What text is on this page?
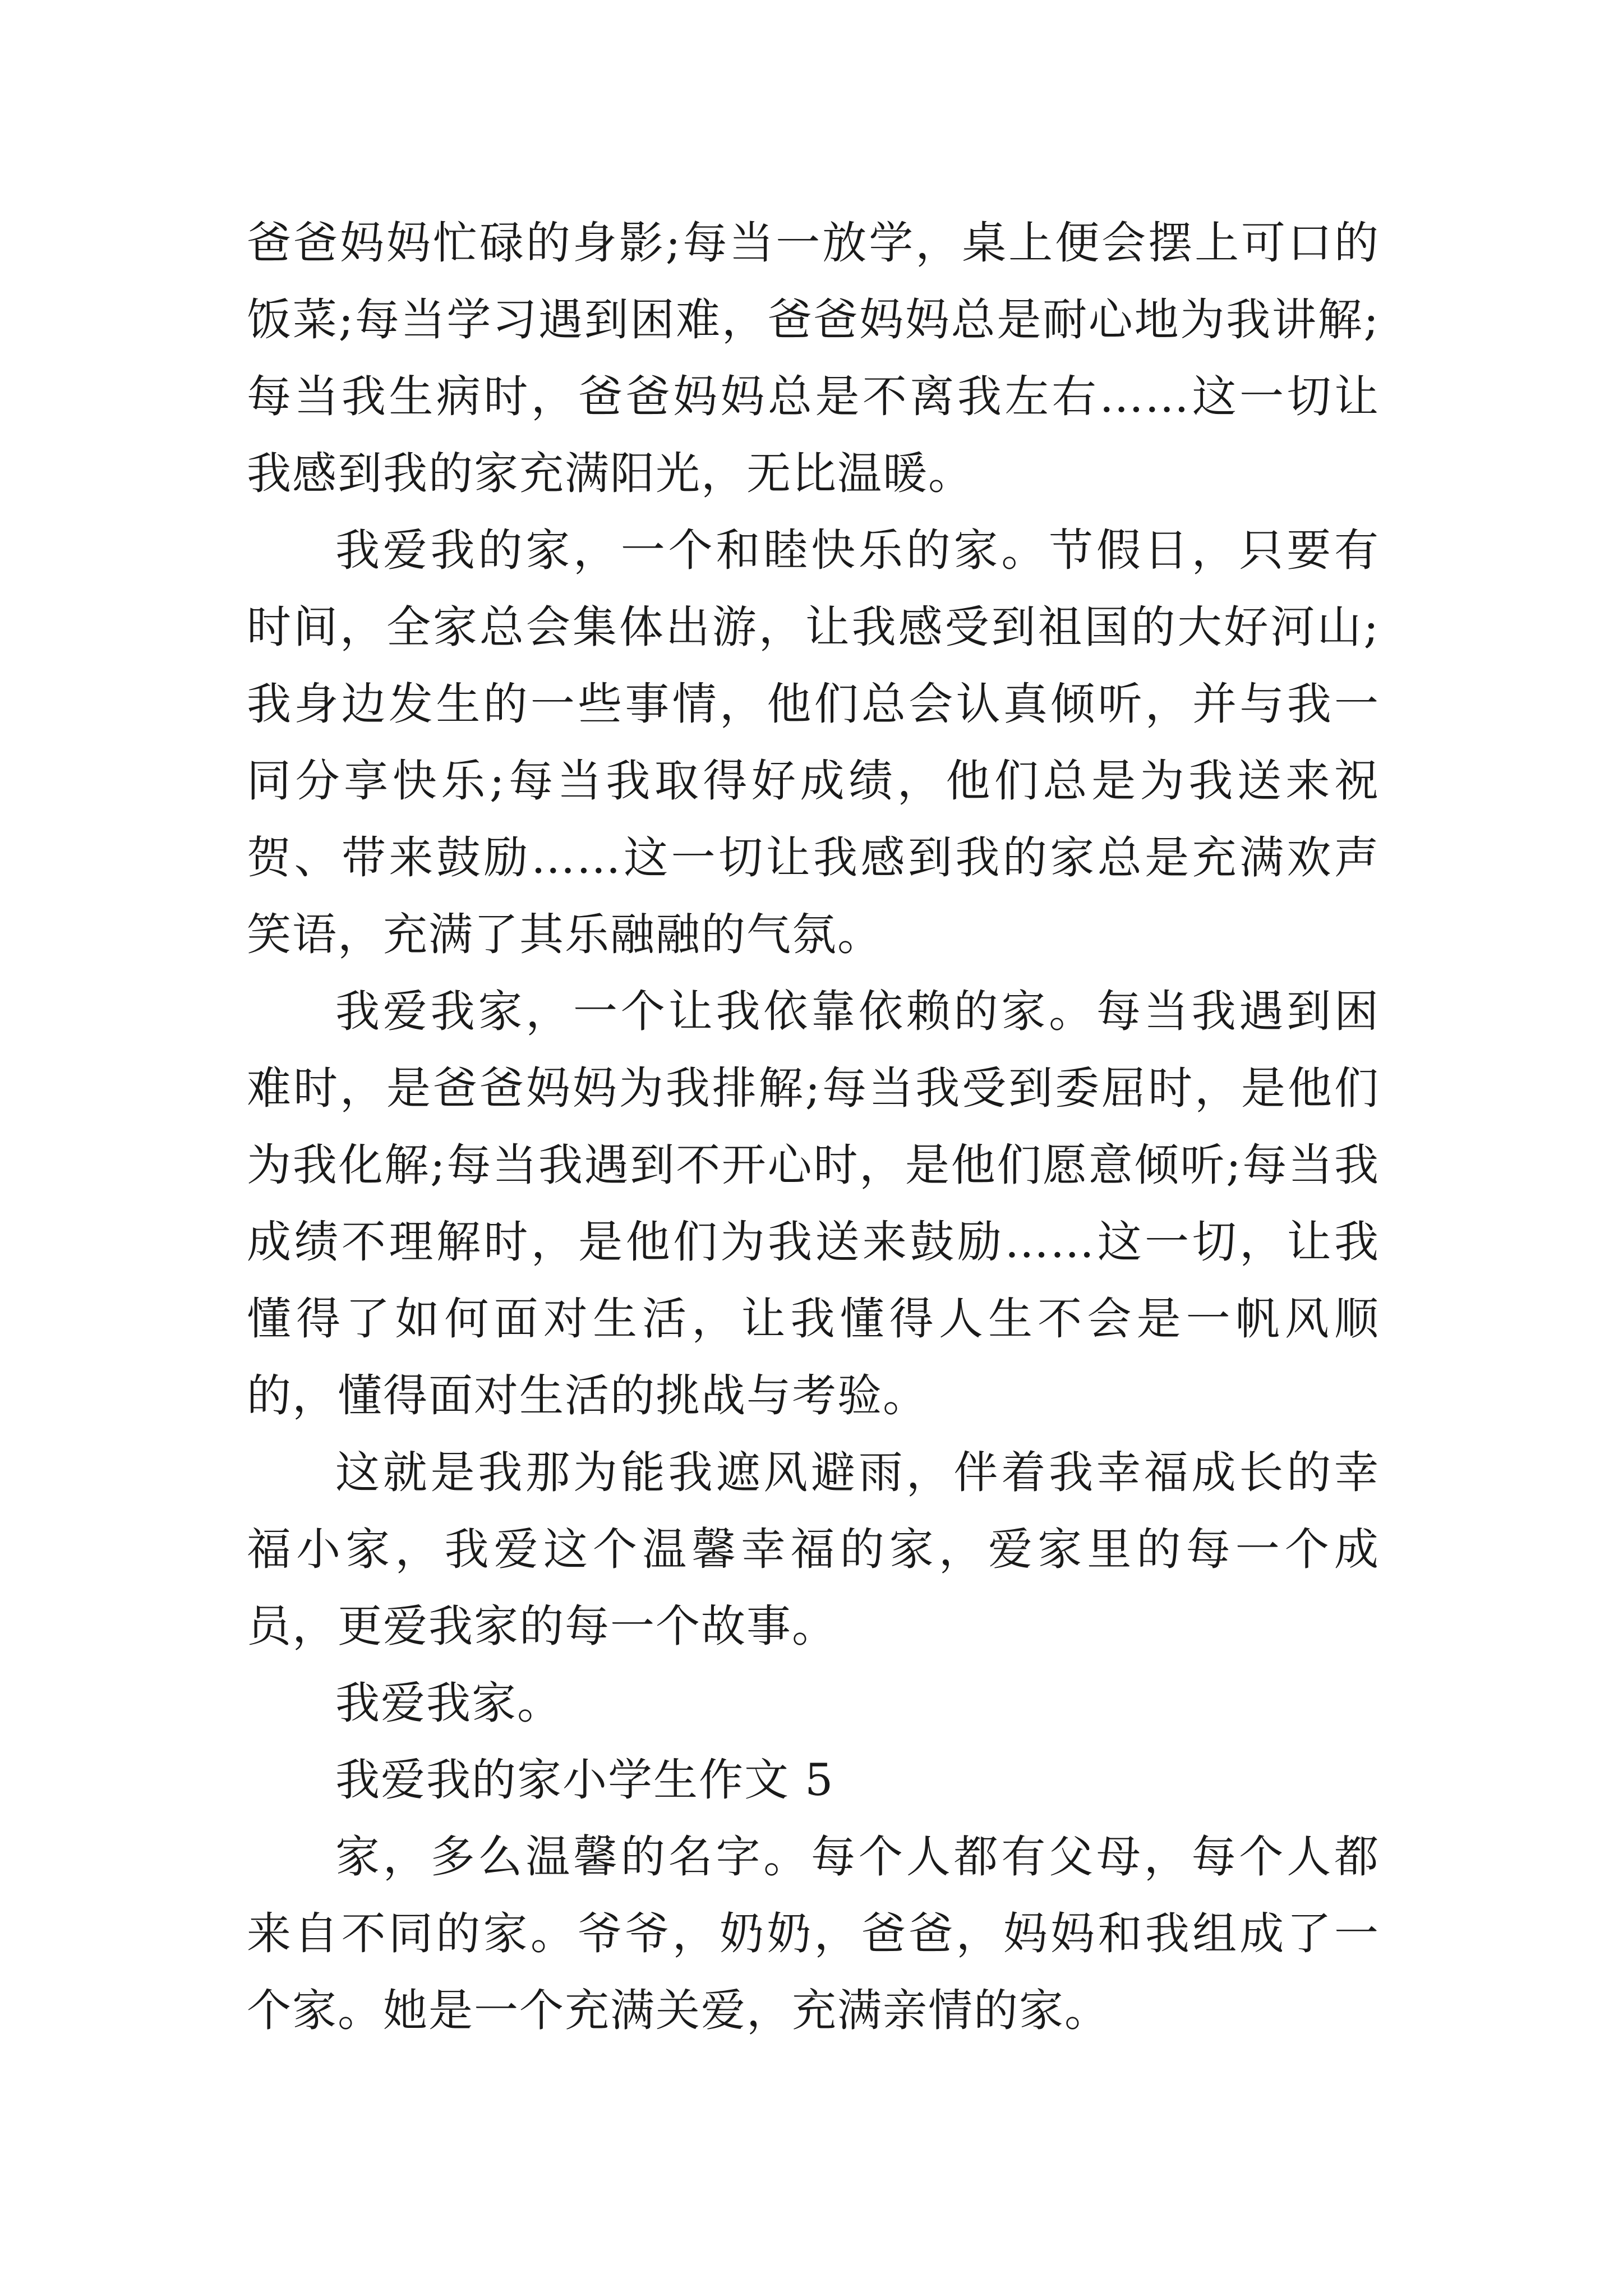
爸爸妈妈忙碌的身影;每当一放学，桌上便会摆上可口的饭菜;每当学习遇到困难，爸爸妈妈总是耐心地为我讲解;每当我生病时，爸爸妈妈总是不离我左右……这一切让我感到我的家充满阳光，无比温暖。

我爱我的家，一个和睦快乐的家。节假日，只要有时间，全家总会集体出游，让我感受到祖国的大好河山;我身边发生的一些事情，他们总会认真倾听，并与我一同分享快乐;每当我取得好成绩，他们总是为我送来祝贺、带来鼓励……这一切让我感到我的家总是充满欢声笑语，充满了其乐融融的气氛。

我爱我家，一个让我依靠依赖的家。每当我遇到困难时，是爸爸妈妈为我排解;每当我受到委屈时，是他们为我化解;每当我遇到不开心时，是他们愿意倾听;每当我成绩不理解时，是他们为我送来鼓励……这一切，让我懂得了如何面对生活，让我懂得人生不会是一帆风顺的，懂得面对生活的挑战与考验。

这就是我那为能我遮风避雨，伴着我幸福成长的幸福小家，我爱这个温馨幸福的家，爱家里的每一个成员，更爱我家的每一个故事。

我爱我家。

我爱我的家小学生作文 5

家，多么温馨的名字。每个人都有父母，每个人都来自不同的家。爷爷，奶奶，爸爸，妈妈和我组成了一个家。她是一个充满关爱，充满亲情的家。
